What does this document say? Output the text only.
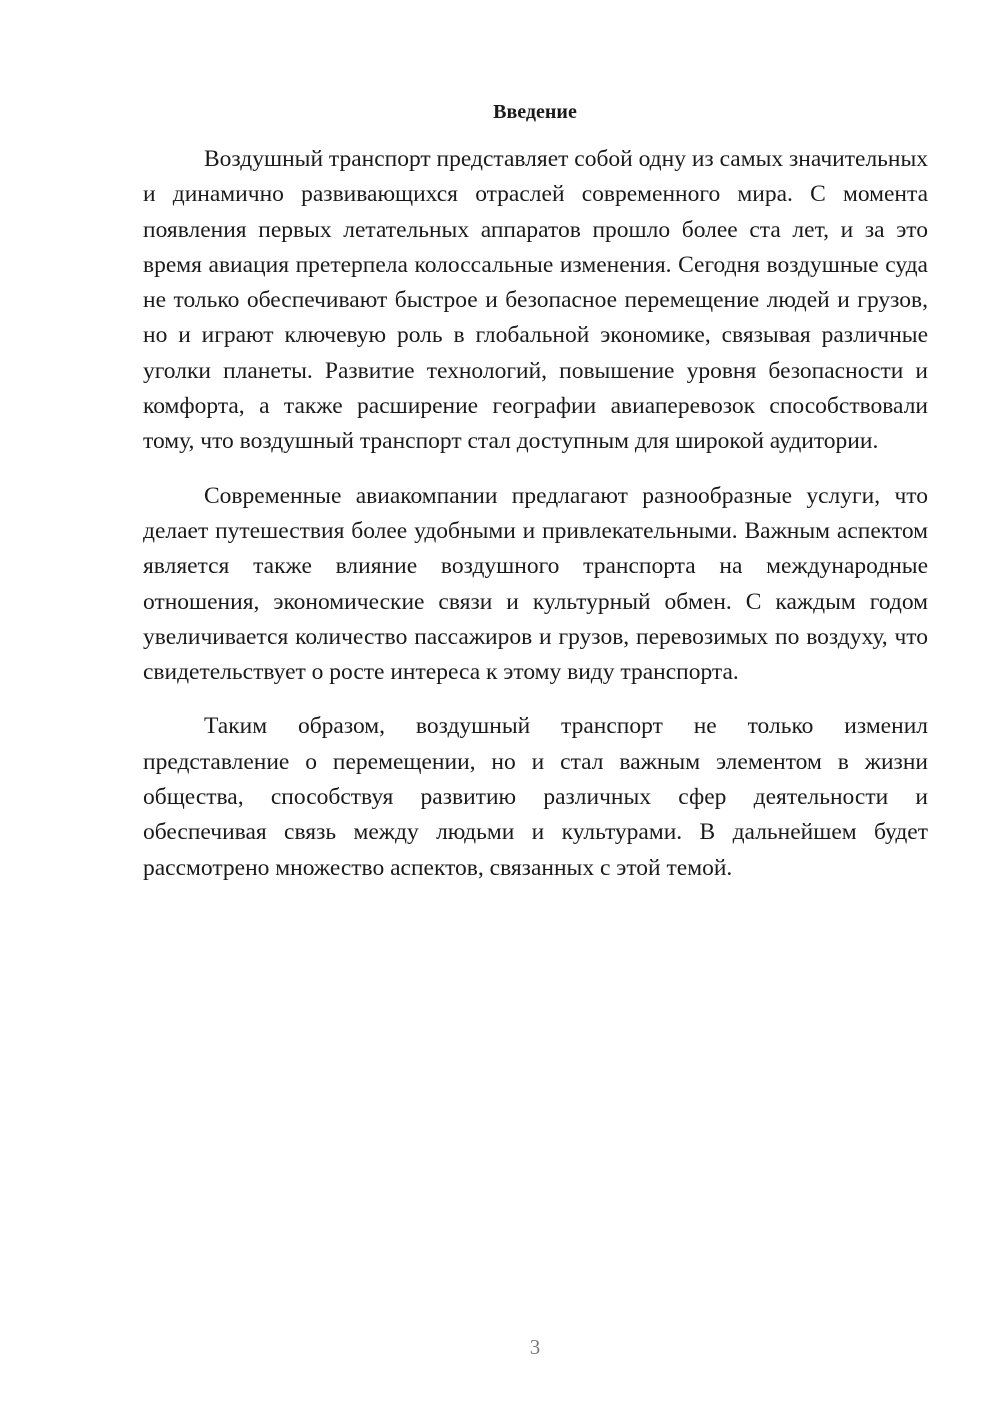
Введение

Воздушный транспорт представляет собой одну из самых значительных и динамично развивающихся отраслей современного мира. С момента появления первых летательных аппаратов прошло более ста лет, и за это время авиация претерпела колоссальные изменения. Сегодня воздушные суда не только обеспечивают быстрое и безопасное перемещение людей и грузов, но и играют ключевую роль в глобальной экономике, связывая различные уголки планеты. Развитие технологий, повышение уровня безопасности и комфорта, а также расширение географии авиаперевозок способствовали тому, что воздушный транспорт стал доступным для широкой аудитории.

Современные авиакомпании предлагают разнообразные услуги, что делает путешествия более удобными и привлекательными. Важным аспектом является также влияние воздушного транспорта на международные отношения, экономические связи и культурный обмен. С каждым годом увеличивается количество пассажиров и грузов, перевозимых по воздуху, что свидетельствует о росте интереса к этому виду транспорта.

Таким образом, воздушный транспорт не только изменил представление о перемещении, но и стал важным элементом в жизни общества, способствуя развитию различных сфер деятельности и обеспечивая связь между людьми и культурами. В дальнейшем будет рассмотрено множество аспектов, связанных с этой темой.

3
